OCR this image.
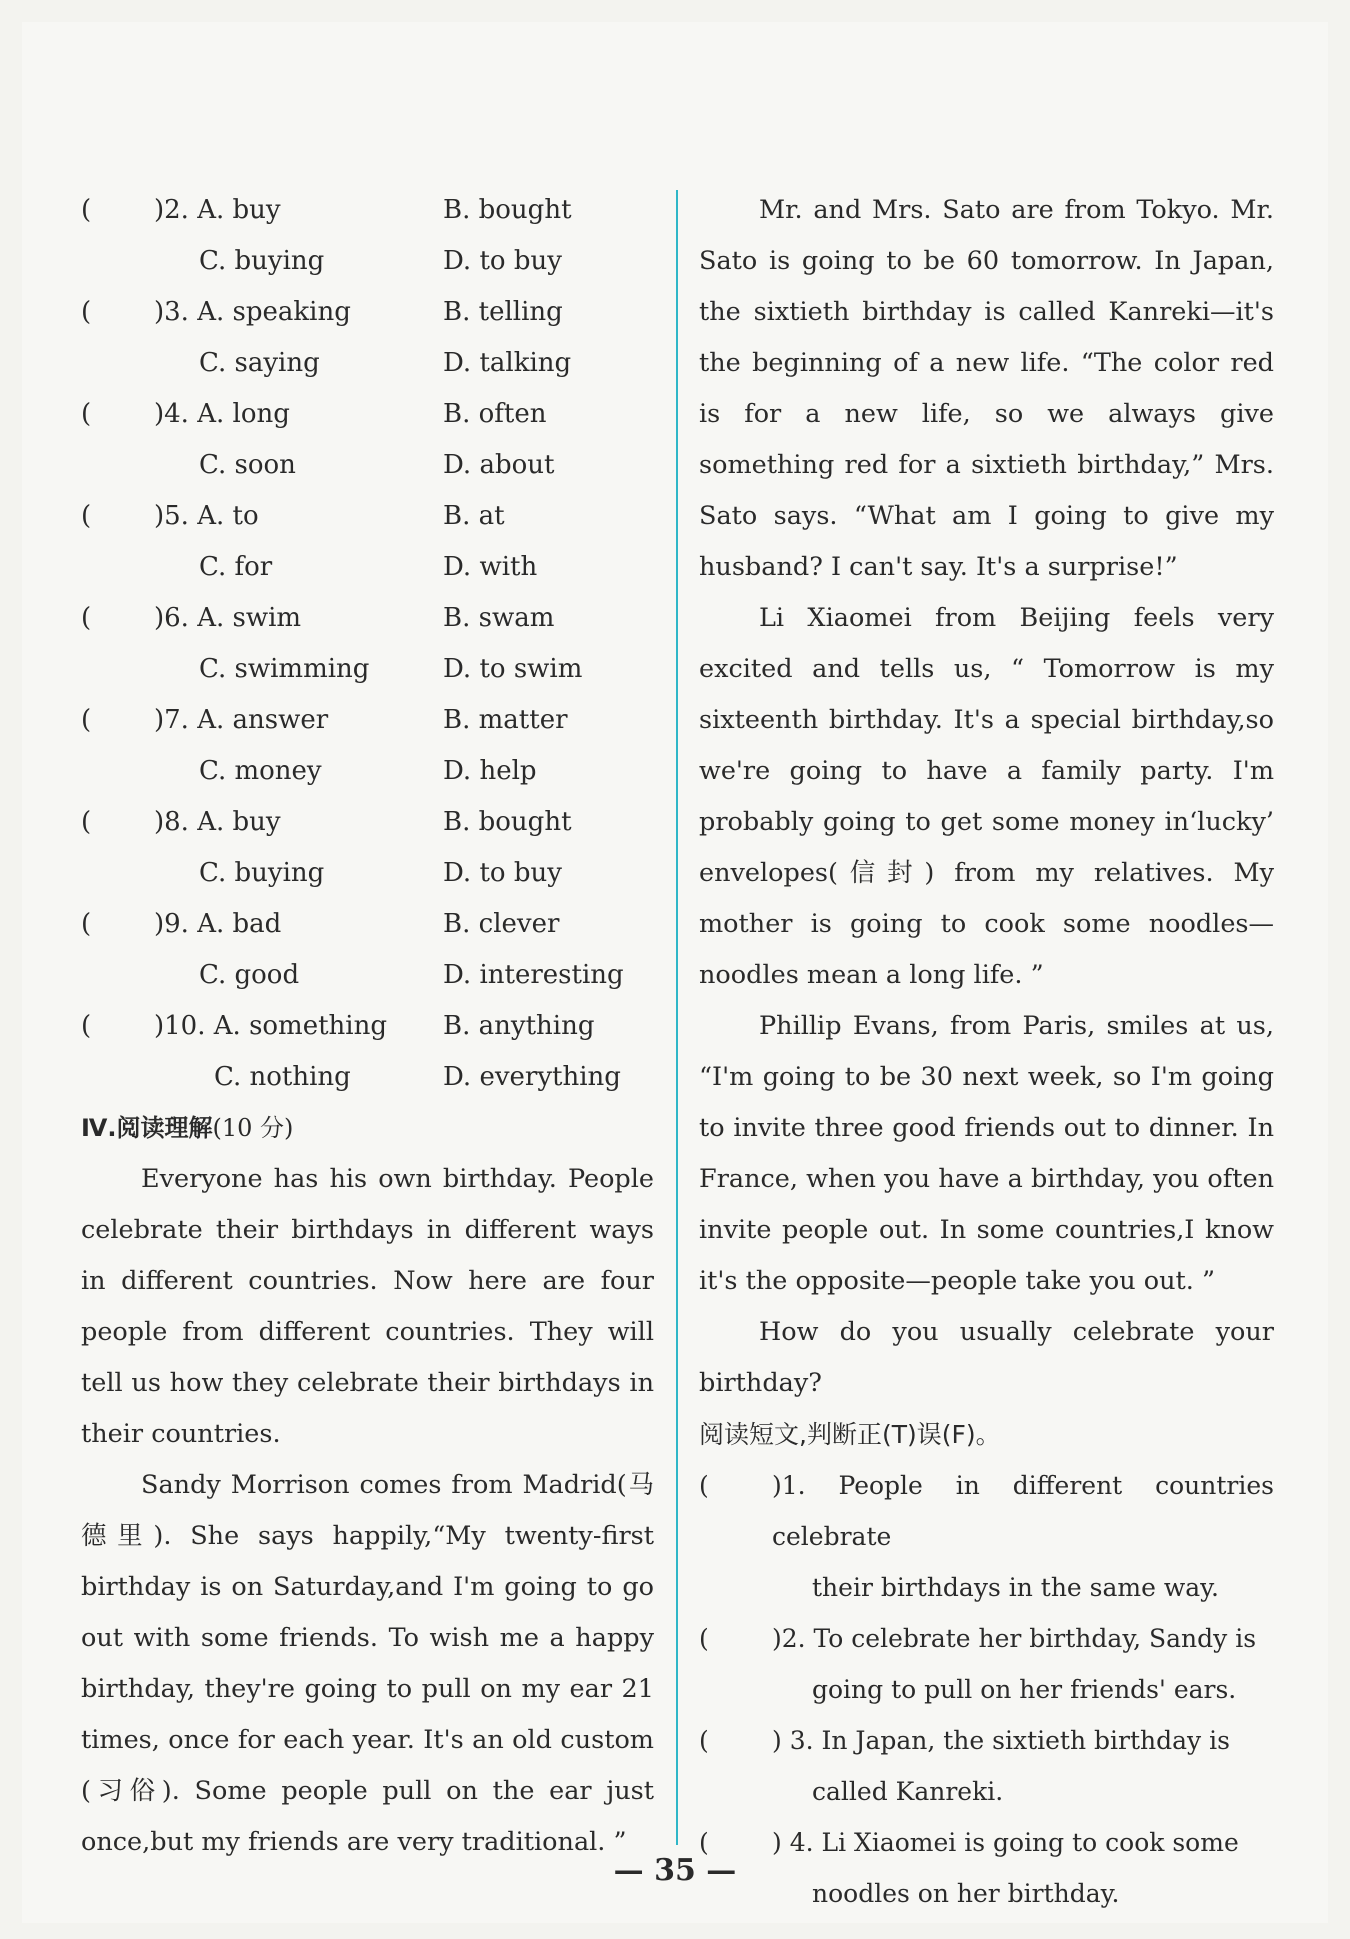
( )2. A. buy	B. bought
C. buying	D. to buy
( )3. A. speaking	B. telling
C. saying	D. talking
( )4. A. long	B. often
C. soon	D. about
( )5. A. to	B. at
C. for	D. with
( )6. A. swim	B. swam
C. swimming	D. to swim
( )7. A. answer	B. matter
C. money	D. help
( )8. A. buy	B. bought
C. buying	D. to buy
( )9. A. bad	B. clever
C. good	D. interesting
( )10. A. something B. anything
C. nothing	D. everything
Ⅳ.阅读理解(10 分)

Everyone has his own birthday. People celebrate their birthdays in different ways in different countries. Now here are four people from different countries. They will tell us how they celebrate their birthdays in their countries.

Sandy Morrison comes from Madrid(马德里). She says happily,“My twenty-first birthday is on Saturday,and I'm going to go out with some friends. To wish me a happy birthday, they're going to pull on my ear 21 times, once for each year. It's an old custom (习俗). Some people pull on the ear just once,but my friends are very traditional. ”

Mr. and Mrs. Sato are from Tokyo. Mr. Sato is going to be 60 tomorrow. In Japan, the sixtieth birthday is called Kanreki—it's the beginning of a new life. “The color red is for a new life, so we always give something red for a sixtieth birthday,” Mrs. Sato says. “What am I going to give my husband? I can't say. It's a surprise!”

Li Xiaomei from Beijing feels very excited and tells us, “ Tomorrow is my sixteenth birthday. It's a special birthday,so we're going to have a family party. I'm probably going to get some money in‘lucky’ envelopes(信封) from my relatives. My mother is going to cook some noodles—noodles mean a long life. ”

Phillip Evans, from Paris, smiles at us, “I'm going to be 30 next week, so I'm going to invite three good friends out to dinner. In France, when you have a birthday, you often invite people out. In some countries,I know it's the opposite—people take you out. ”

How do you usually celebrate your birthday?

阅读短文,判断正(T)误(F)。
(	)1. People in different countries celebrate
their birthdays in the same way.
(	)2. To celebrate her birthday, Sandy is
going to pull on her friends' ears.
(	) 3. In Japan, the sixtieth birthday is
called Kanreki.
(	) 4. Li Xiaomei is going to cook some
noodles on her birthday.
— 35 —
